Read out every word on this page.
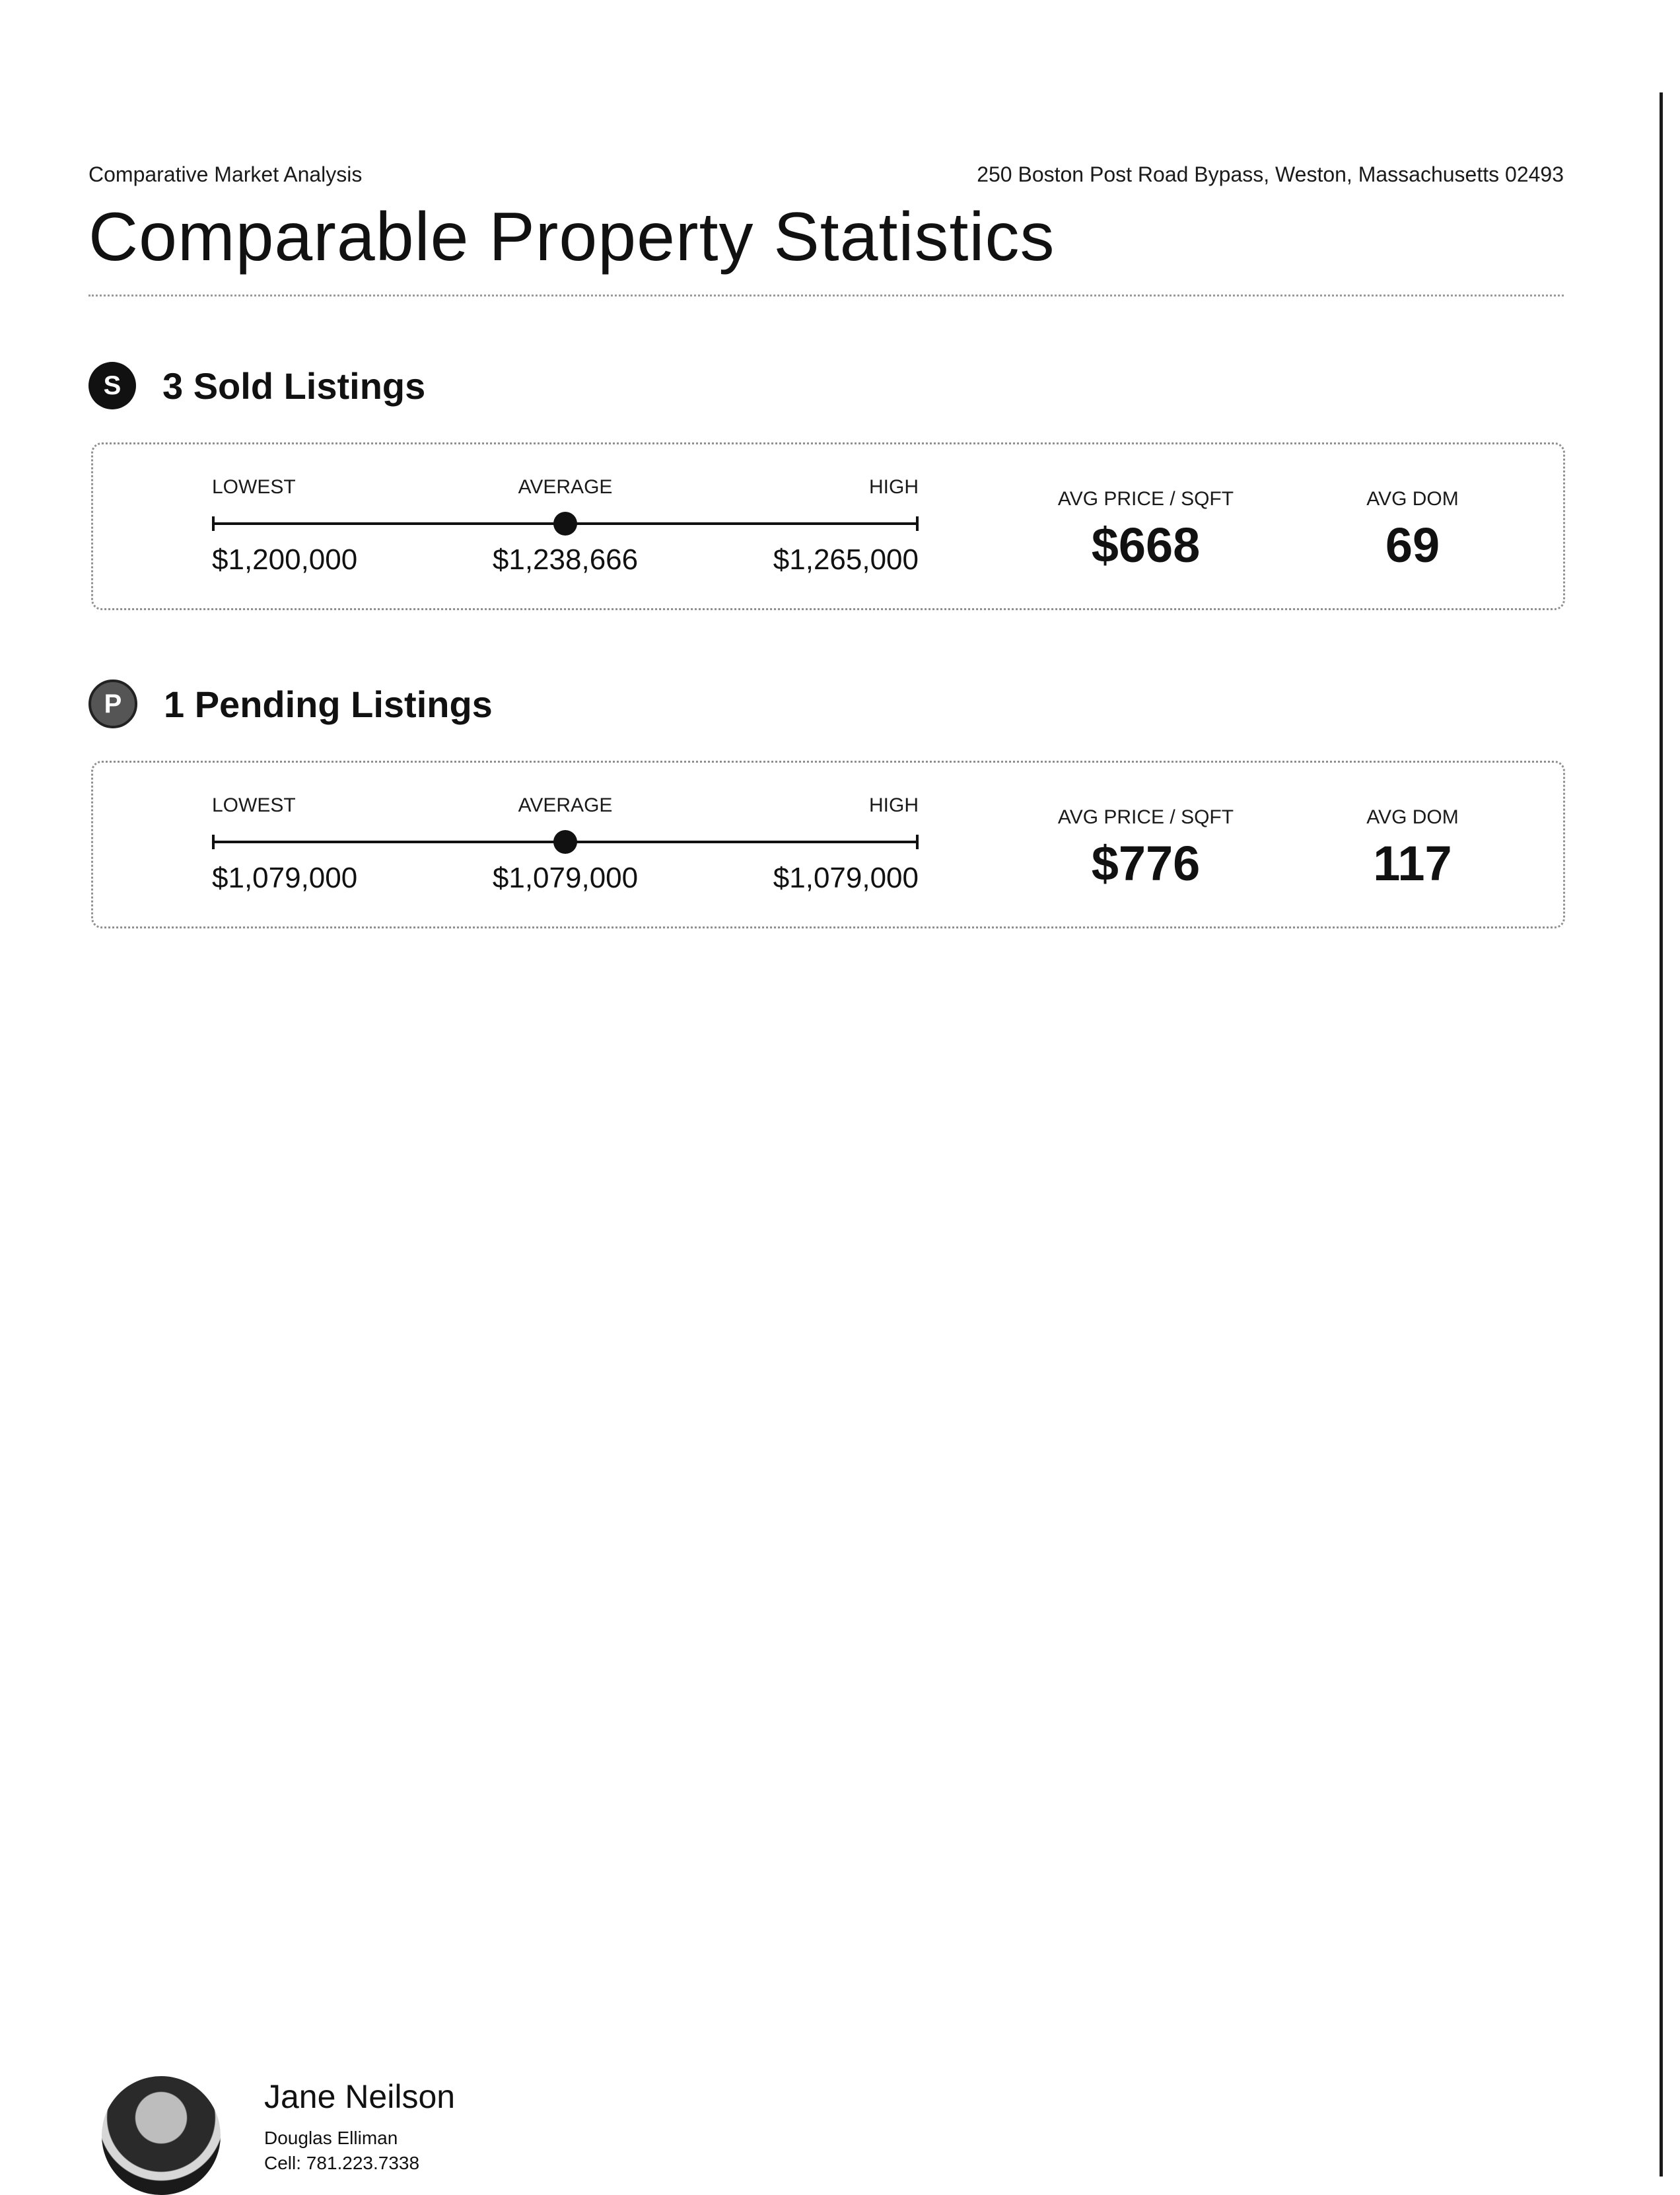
Comparative Market Analysis	250 Boston Post Road Bypass, Weston, Massachusetts 02493
Comparable Property Statistics
S	3 Sold Listings
LOWEST	AVERAGE	HIGH
$1,200,000	$1,238,666	$1,265,000
AVG PRICE / SQFT
$668
AVG DOM
69
P	1 Pending Listings
LOWEST	AVERAGE	HIGH
$1,079,000	$1,079,000	$1,079,000
AVG PRICE / SQFT
$776
AVG DOM
117
Jane Neilson
Douglas Elliman
Cell: 781.223.7338
